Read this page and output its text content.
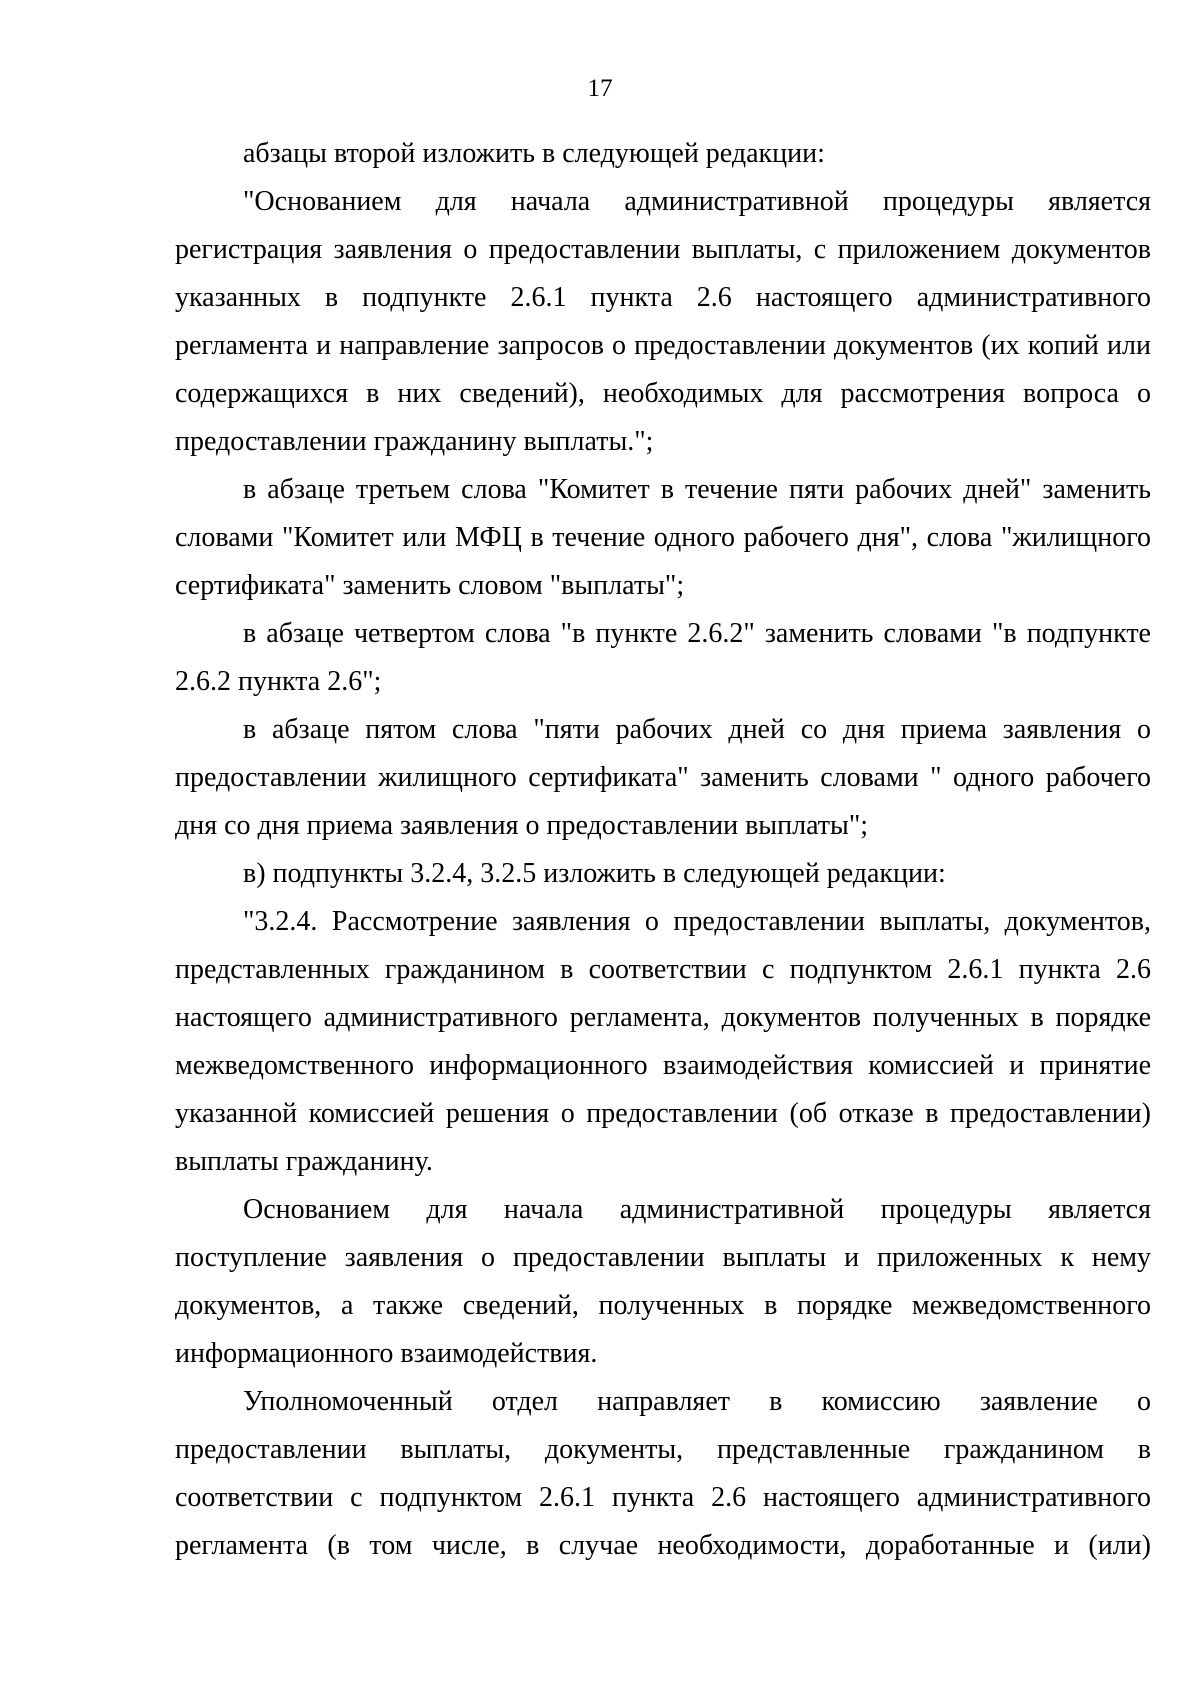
17

абзацы второй изложить в следующей редакции:

"Основанием для начала административной процедуры является регистрация заявления о предоставлении выплаты, с приложением документов указанных в подпункте 2.6.1 пункта 2.6 настоящего административного регламента и направление запросов о предоставлении документов (их копий или содержащихся в них сведений), необходимых для рассмотрения вопроса о предоставлении гражданину выплаты.";

в абзаце третьем слова "Комитет в течение пяти рабочих дней" заменить словами "Комитет или МФЦ в течение одного рабочего дня", слова "жилищного сертификата" заменить словом "выплаты";

в абзаце четвертом слова "в пункте 2.6.2" заменить словами "в подпункте 2.6.2 пункта 2.6";

в абзаце пятом слова "пяти рабочих дней со дня приема заявления о предоставлении жилищного сертификата" заменить словами " одного рабочего дня со дня приема заявления о предоставлении выплаты";

в) подпункты 3.2.4, 3.2.5 изложить в следующей редакции:

"3.2.4. Рассмотрение заявления о предоставлении выплаты, документов, представленных гражданином в соответствии с подпунктом 2.6.1 пункта 2.6 настоящего административного регламента, документов полученных в порядке межведомственного информационного взаимодействия комиссией и принятие указанной комиссией решения о предоставлении (об отказе в предоставлении) выплаты гражданину.

Основанием для начала административной процедуры является поступление заявления о предоставлении выплаты и приложенных к нему документов, а также сведений, полученных в порядке межведомственного информационного взаимодействия.

Уполномоченный отдел направляет в комиссию заявление о предоставлении выплаты, документы, представленные гражданином в соответствии с подпунктом 2.6.1 пункта 2.6 настоящего административного регламента (в том числе, в случае необходимости, доработанные и (или)
